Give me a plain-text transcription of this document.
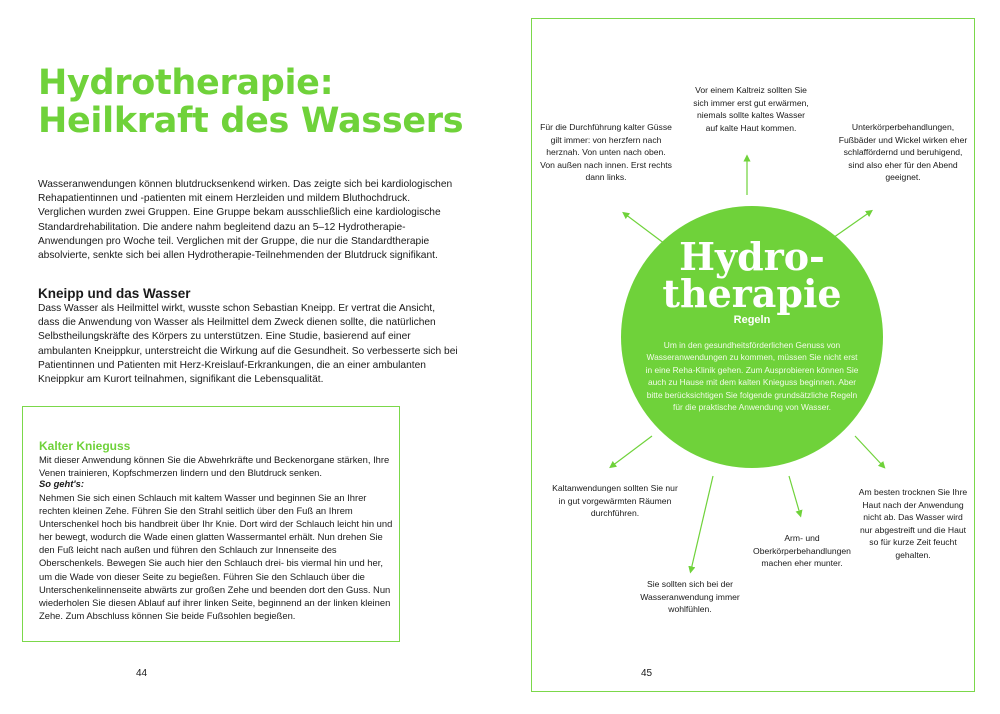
Hydrotherapie:
Heilkraft des Wassers

Wasseranwendungen können blutdrucksenkend wirken. Das zeigte sich bei kardiologischen Rehapatientinnen und -patienten mit einem Herzleiden und mildem Bluthochdruck. Verglichen wurden zwei Gruppen. Eine Gruppe bekam ausschließlich eine kardiologische Standardrehabilitation. Die andere nahm begleitend dazu an 5–12 Hydrotherapie-Anwendungen pro Woche teil. Verglichen mit der Gruppe, die nur die Standardtherapie absolvierte, senkte sich bei allen Hydrotherapie-Teilnehmenden der Blutdruck signifikant.

Kneipp und das Wasser

Dass Wasser als Heilmittel wirkt, wusste schon Sebastian Kneipp. Er vertrat die Ansicht, dass die Anwendung von Wasser als Heilmittel dem Zweck dienen sollte, die natürlichen Selbstheilungskräfte des Körpers zu unterstützen. Eine Studie, basierend auf einer ambulanten Kneippkur, unterstreicht die Wirkung auf die Gesundheit. So verbesserte sich bei Patientinnen und Patienten mit Herz-Kreislauf-Erkrankungen, die an einer ambulanten Kneippkur am Kurort teilnahmen, signifikant die Lebensqualität.

Kalter Knieguss

Mit dieser Anwendung können Sie die Abwehrkräfte und Beckenorgane stärken, Ihre Venen trainieren, Kopfschmerzen lindern und den Blutdruck senken.

So geht's:

Nehmen Sie sich einen Schlauch mit kaltem Wasser und beginnen Sie an Ihrer rechten kleinen Zehe. Führen Sie den Strahl seitlich über den Fuß an Ihrem Unterschenkel hoch bis handbreit über Ihr Knie. Dort wird der Schlauch leicht hin und her bewegt, wodurch die Wade einen glatten Wassermantel erhält. Nun drehen Sie den Fuß leicht nach außen und führen den Schlauch zur Innenseite des Oberschenkels. Bewegen Sie auch hier den Schlauch drei- bis viermal hin und her, um die Wade von dieser Seite zu begießen. Führen Sie den Schlauch über die Unterschenkelinnenseite abwärts zur großen Zehe und beenden dort den Guss. Nun wiederholen Sie diesen Ablauf auf ihrer linken Seite, beginnend an der linken kleinen Zehe. Zum Abschluss können Sie beide Fußsohlen begießen.

44

Hydro-
therapie

Regeln

Um in den gesundheitsförderlichen Genuss von Wasseranwendungen zu kommen, müssen Sie nicht erst in eine Reha-Klinik gehen. Zum Ausprobieren können Sie auch zu Hause mit dem kalten Knieguss beginnen. Aber bitte berücksichtigen Sie folgende grundsätzliche Regeln für die praktische Anwendung von Wasser.

Für die Durchführung kalter Güsse gilt immer: von herzfern nach herznah. Von unten nach oben. Von außen nach innen. Erst rechts dann links.

Vor einem Kaltreiz sollten Sie sich immer erst gut erwärmen, niemals sollte kaltes Wasser auf kalte Haut kommen.	Unterkörperbehandlungen, Fußbäder und Wickel wirken eher schlaffördernd und beruhigend, sind also eher für den Abend geeignet.

Kaltanwendungen sollten Sie nur in gut vorgewärmten Räumen durchführen.

Sie sollten sich bei der Wasseranwendung immer wohlfühlen.

Arm- und Oberkörperbehandlungen machen eher munter.

Am besten trocknen Sie Ihre Haut nach der Anwendung nicht ab. Das Wasser wird nur abgestreift und die Haut so für kurze Zeit feucht gehalten.

45
